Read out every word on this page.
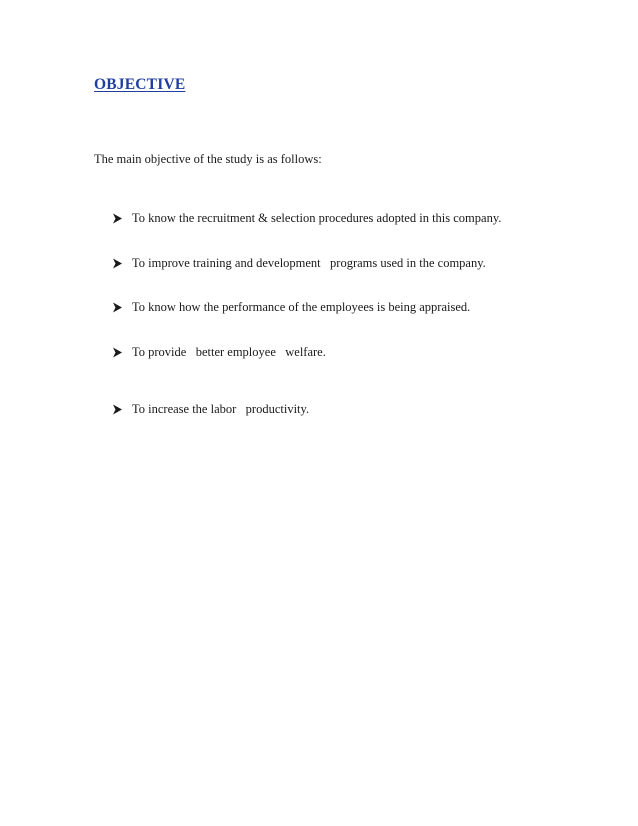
OBJECTIVE

The main objective of the study is as follows:

To know the recruitment & selection procedures adopted in this company.

To improve training and development   programs used in the company.

To know how the performance of the employees is being appraised.

To provide   better employee   welfare.

To increase the labor   productivity.
